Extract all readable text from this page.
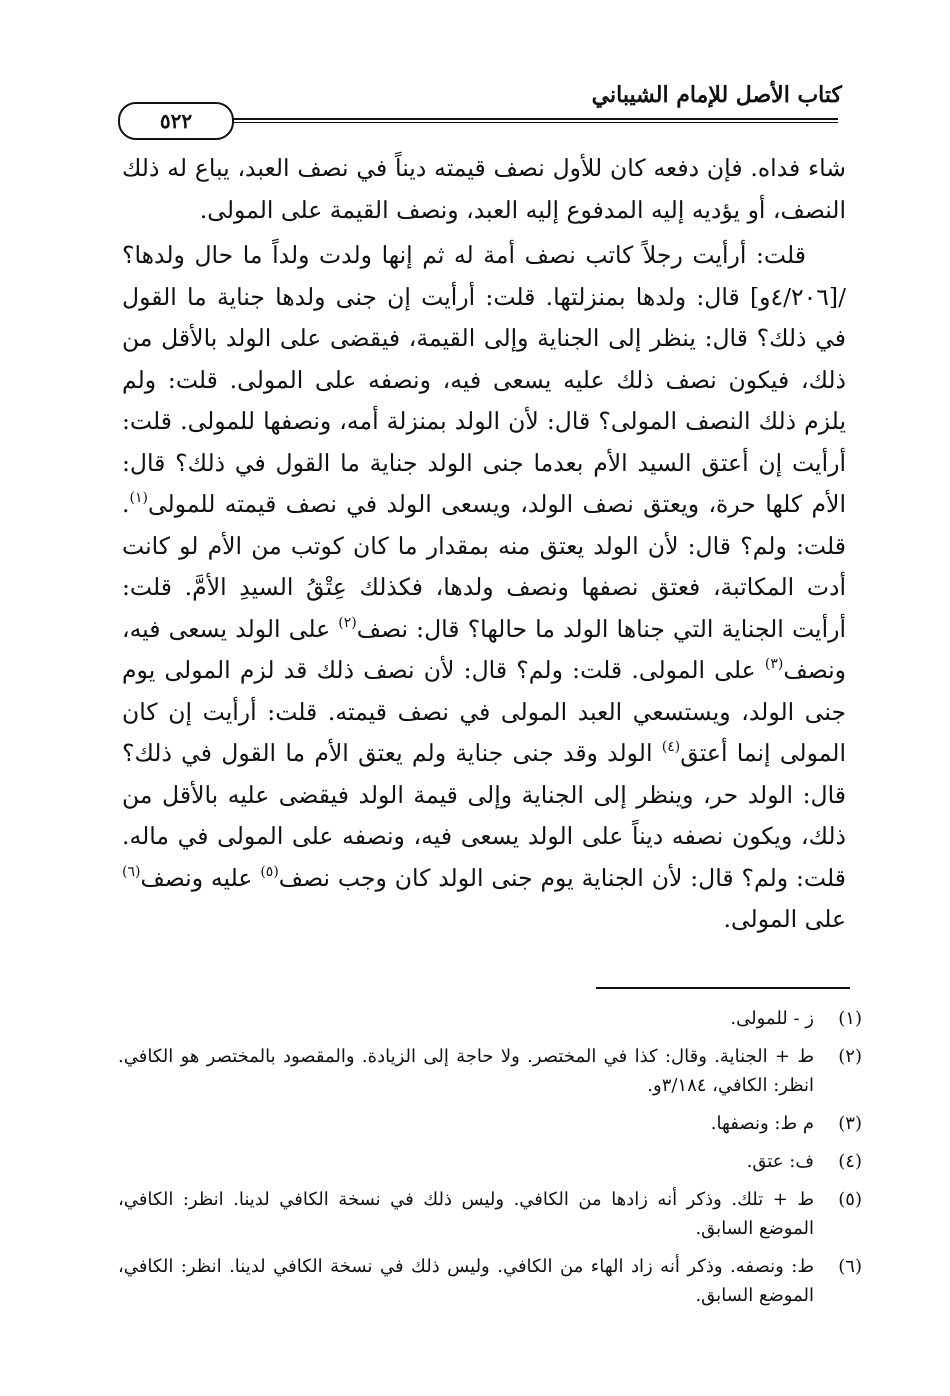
كتاب الأصل للإمام الشيباني
٥٢٢

شاء فداه. فإن دفعه كان للأول نصف قيمته ديناً في نصف العبد، يباع له ذلك النصف، أو يؤديه إليه المدفوع إليه العبد، ونصف القيمة على المولى.

قلت: أرأيت رجلاً كاتب نصف أمة له ثم إنها ولدت ولداً ما حال ولدها؟ /[٤/٢٠٦و] قال: ولدها بمنزلتها. قلت: أرأيت إن جنى ولدها جناية ما القول في ذلك؟ قال: ينظر إلى الجناية وإلى القيمة، فيقضى على الولد بالأقل من ذلك، فيكون نصف ذلك عليه يسعى فيه، ونصفه على المولى. قلت: ولم يلزم ذلك النصف المولى؟ قال: لأن الولد بمنزلة أمه، ونصفها للمولى. قلت: أرأيت إن أعتق السيد الأم بعدما جنى الولد جناية ما القول في ذلك؟ قال: الأم كلها حرة، ويعتق نصف الولد، ويسعى الولد في نصف قيمته للمولى$^{(١)}$. قلت: ولم؟ قال: لأن الولد يعتق منه بمقدار ما كان كوتب من الأم لو كانت أدت المكاتبة، فعتق نصفها ونصف ولدها، فكذلك عِتْقُ السيدِ الأمَّ. قلت: أرأيت الجناية التي جناها الولد ما حالها؟ قال: نصف$^{(٢)}$ على الولد يسعى فيه، ونصف$^{(٣)}$ على المولى. قلت: ولم؟ قال: لأن نصف ذلك قد لزم المولى يوم جنى الولد، ويستسعي العبد المولى في نصف قيمته. قلت: أرأيت إن كان المولى إنما أعتق$^{(٤)}$ الولد وقد جنى جناية ولم يعتق الأم ما القول في ذلك؟ قال: الولد حر، وينظر إلى الجناية وإلى قيمة الولد فيقضى عليه بالأقل من ذلك، ويكون نصفه ديناً على الولد يسعى فيه، ونصفه على المولى في ماله. قلت: ولم؟ قال: لأن الجناية يوم جنى الولد كان وجب نصف$^{(٥)}$ عليه ونصف$^{(٦)}$ على المولى.

(١)
ز - للمولى.
(٢)
ط + الجناية. وقال: كذا في المختصر. ولا حاجة إلى الزيادة. والمقصود بالمختصر هو الكافي. انظر: الكافي، ٣/١٨٤و.
(٣)
م ط: ونصفها.
(٤)
ف: عتق.
(٥)
ط + تلك. وذكر أنه زادها من الكافي. وليس ذلك في نسخة الكافي لدينا. انظر: الكافي، الموضع السابق.
(٦)
ط: ونصفه. وذكر أنه زاد الهاء من الكافي. وليس ذلك في نسخة الكافي لدينا. انظر: الكافي، الموضع السابق.
